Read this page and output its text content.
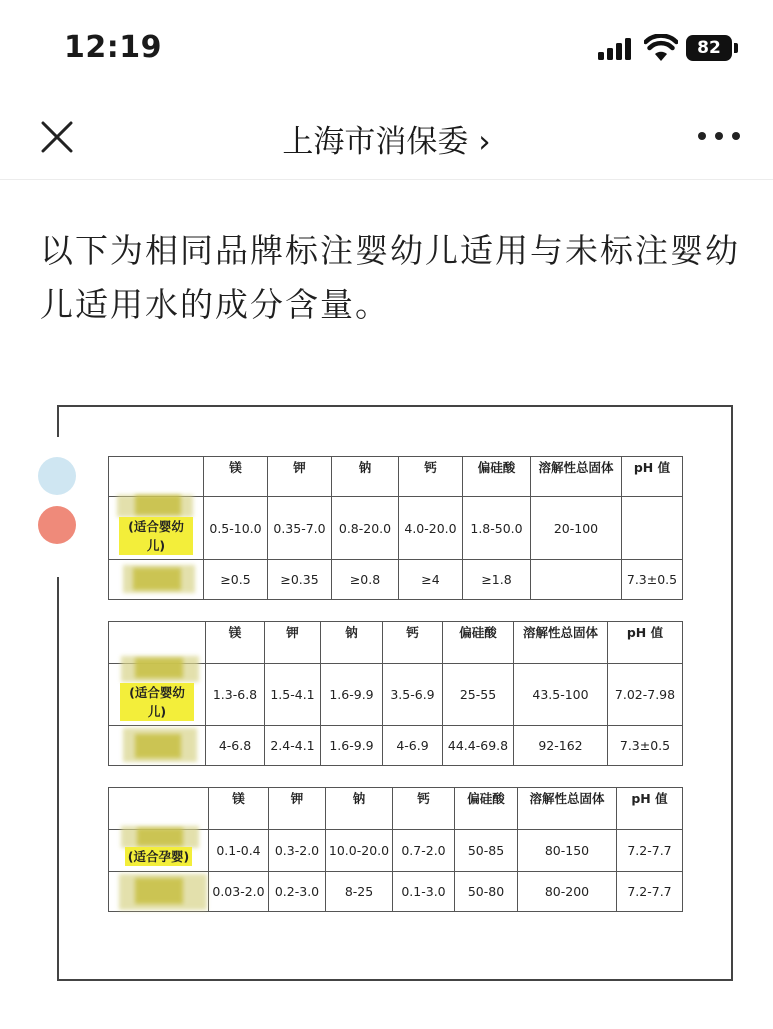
12:19	82
上海市消保委 ›

以下为相同品牌标注婴幼儿适用与未标注婴幼儿适用水的成分含量。

	镁	钾	钠	钙	偏硅酸	溶解性总固体	pH 值

(适合婴幼儿)	0.5-10.0	0.35-7.0	0.8-20.0	4.0-20.0	1.8-50.0	20-100	

	≥0.5	≥0.35	≥0.8	≥4	≥1.8		7.3±0.5
	镁	钾	钠	钙	偏硅酸	溶解性总固体	pH 值

(适合婴幼儿)	1.3-6.8	1.5-4.1	1.6-9.9	3.5-6.9	25-55	43.5-100	7.02-7.98

	4-6.8	2.4-4.1	1.6-9.9	4-6.9	44.4-69.8	92-162	7.3±0.5
	镁	钾	钠	钙	偏硅酸	溶解性总固体	pH 值

(适合孕婴)	0.1-0.4	0.3-2.0	10.0-20.0	0.7-2.0	50-85	80-150	7.2-7.7

	0.03-2.0	0.2-3.0	8-25	0.1-3.0	50-80	80-200	7.2-7.7
